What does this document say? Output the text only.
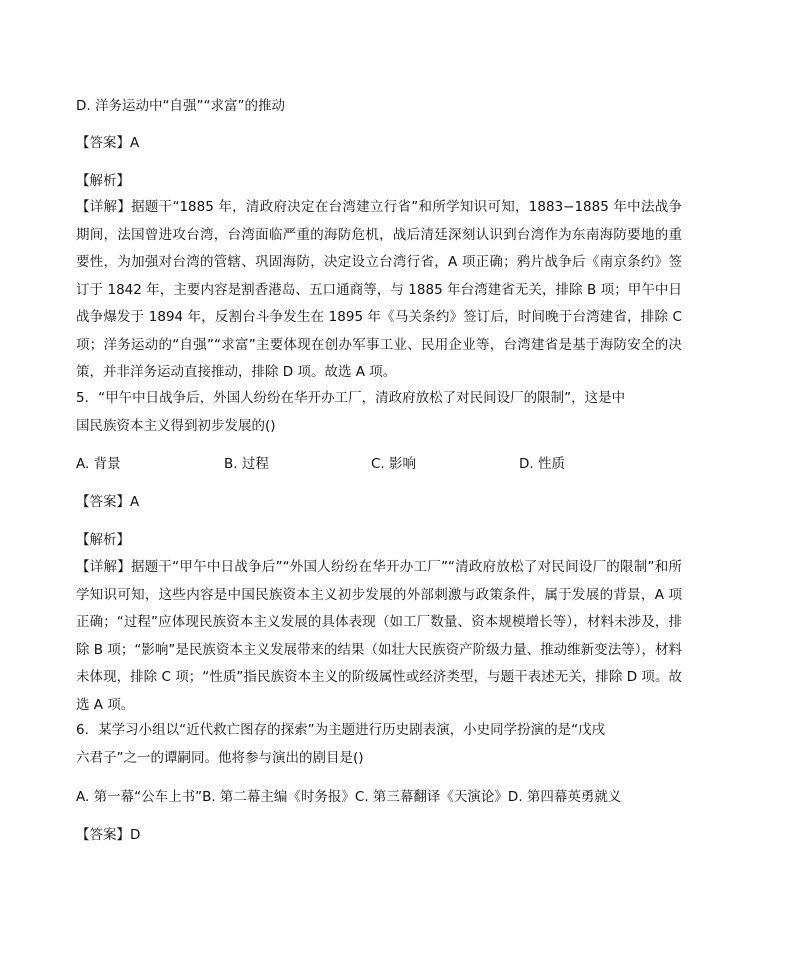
D. 洋务运动中“自强”“求富”的推动
【答案】A
【解析】
【详解】据题干“1885 年，清政府决定在台湾建立行省”和所学知识可知，1883−1885 年中法战争期间，法国曾进攻台湾，台湾面临严重的海防危机，战后清廷深刻认识到台湾作为东南海防要地的重要性，为加强对台湾的管辖、巩固海防，决定设立台湾行省，A 项正确；鸦片战争后《南京条约》签订于 1842 年，主要内容是割香港岛、五口通商等，与 1885 年台湾建省无关，排除 B 项；甲午中日战争爆发于 1894 年，反割台斗争发生在 1895 年《马关条约》签订后，时间晚于台湾建省，排除 C 项；洋务运动的“自强”“求富”主要体现在创办军事工业、民用企业等，台湾建省是基于海防安全的决策，并非洋务运动直接推动，排除 D 项。故选 A 项。
5．“甲午中日战争后，外国人纷纷在华开办工厂，清政府放松了对民间设厂的限制”，这是中
国民族资本主义得到初步发展的()
A. 背景	B. 过程	C. 影响	D. 性质
【答案】A
【解析】
【详解】据题干“甲午中日战争后”“外国人纷纷在华开办工厂”“清政府放松了对民间设厂的限制”和所学知识可知，这些内容是中国民族资本主义初步发展的外部刺激与政策条件，属于发展的背景，A 项正确；“过程”应体现民族资本主义发展的具体表现（如工厂数量、资本规模增长等），材料未涉及，排除 B 项；“影响”是民族资本主义发展带来的结果（如壮大民族资产阶级力量、推动维新变法等），材料未体现，排除 C 项；“性质”指民族资本主义的阶级属性或经济类型，与题干表述无关，排除 D 项。故选 A 项。
6．某学习小组以“近代救亡图存的探索”为主题进行历史剧表演，小史同学扮演的是“戊戌
六君子”之一的谭嗣同。他将参与演出的剧目是()
A. 第一幕“公车上书”B. 第二幕主编《时务报》C. 第三幕翻译《天演论》D. 第四幕英勇就义
【答案】D
